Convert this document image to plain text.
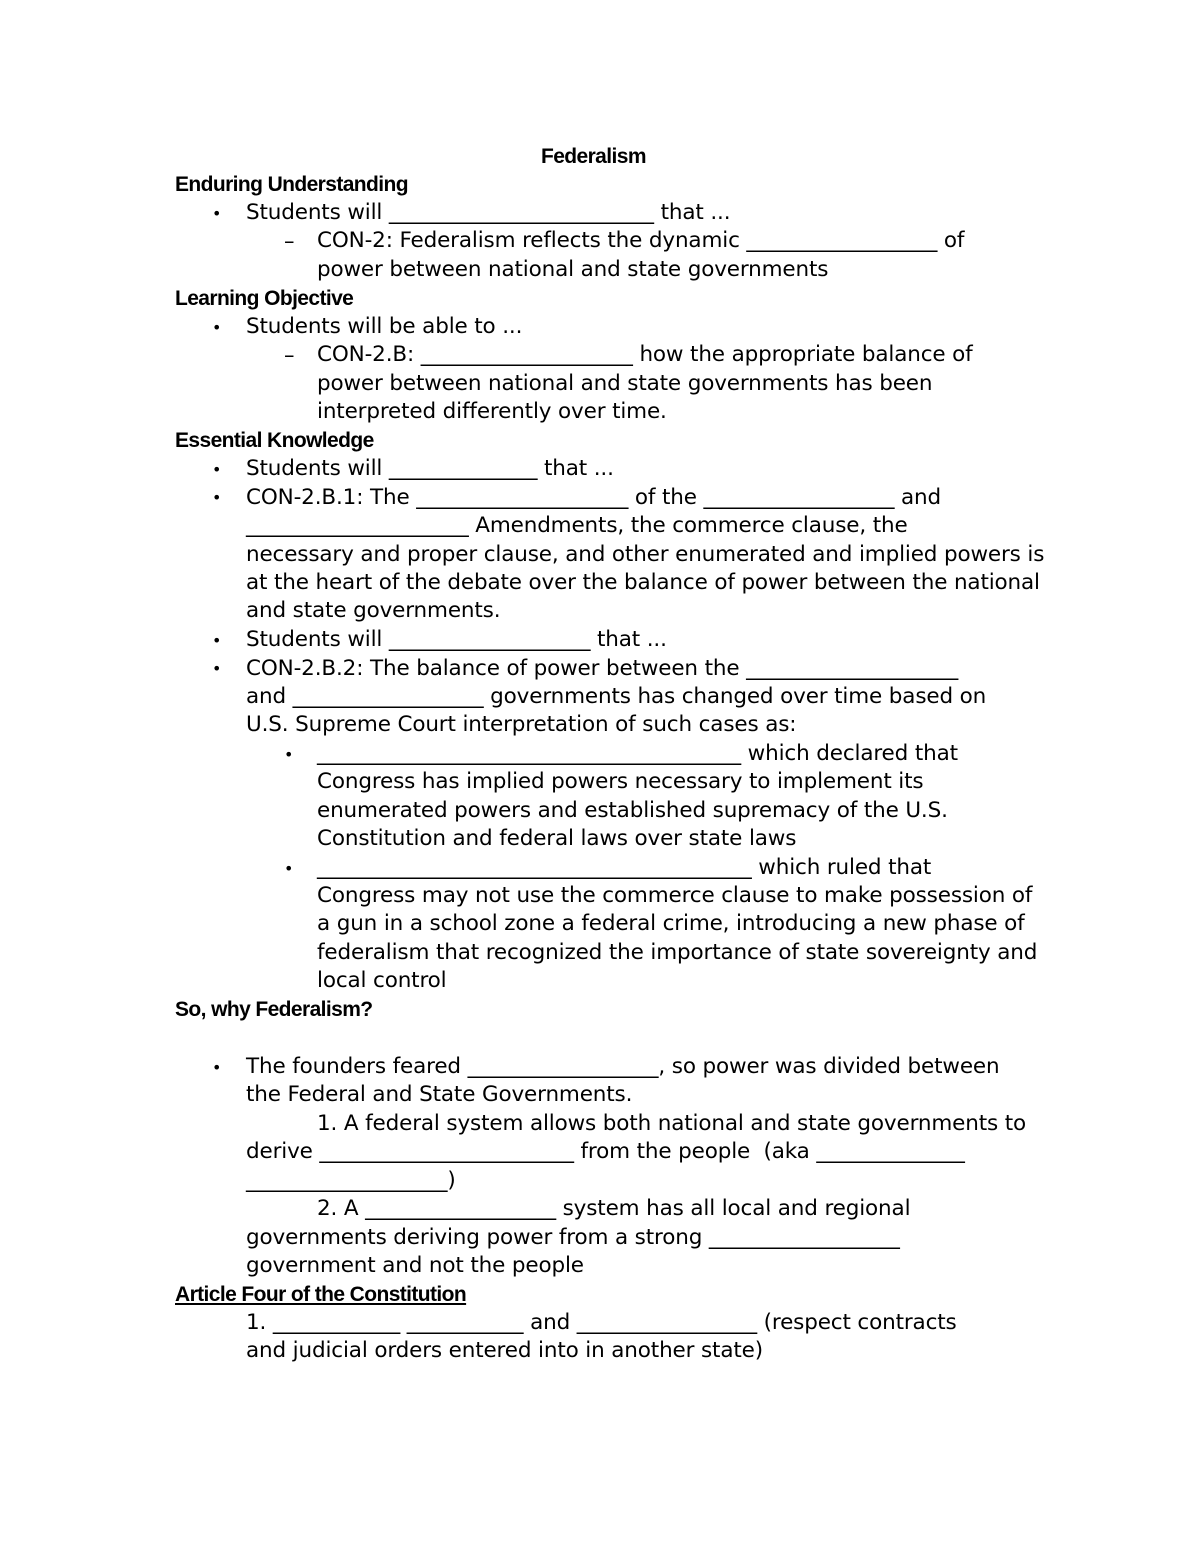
Federalism
Enduring Understanding
• Students will _________________________ that ...
– CON-2: Federalism reflects the dynamic __________________ of
power between national and state governments
Learning Objective
• Students will be able to ...
– CON-2.B: ____________________ how the appropriate balance of
power between national and state governments has been
interpreted differently over time.
Essential Knowledge
• Students will ______________ that ...
• CON-2.B.1: The ____________________ of the __________________ and
_____________________ Amendments, the commerce clause, the
necessary and proper clause, and other enumerated and implied powers is
at the heart of the debate over the balance of power between the national
and state governments.
• Students will ___________________ that ...
• CON-2.B.2: The balance of power between the ____________________
and __________________ governments has changed over time based on
U.S. Supreme Court interpretation of such cases as:
• ________________________________________ which declared that
Congress has implied powers necessary to implement its
enumerated powers and established supremacy of the U.S.
Constitution and federal laws over state laws
• _________________________________________ which ruled that
Congress may not use the commerce clause to make possession of
a gun in a school zone a federal crime, introducing a new phase of
federalism that recognized the importance of state sovereignty and
local control
So, why Federalism?
• The founders feared __________________, so power was divided between
the Federal and State Governments.
1. A federal system allows both national and state governments to
derive ________________________ from the people  (aka ______________
___________________)
2. A __________________ system has all local and regional
governments deriving power from a strong __________________
government and not the people
Article Four of the Constitution
1. ____________ ___________ and _________________ (respect contracts
and judicial orders entered into in another state)
